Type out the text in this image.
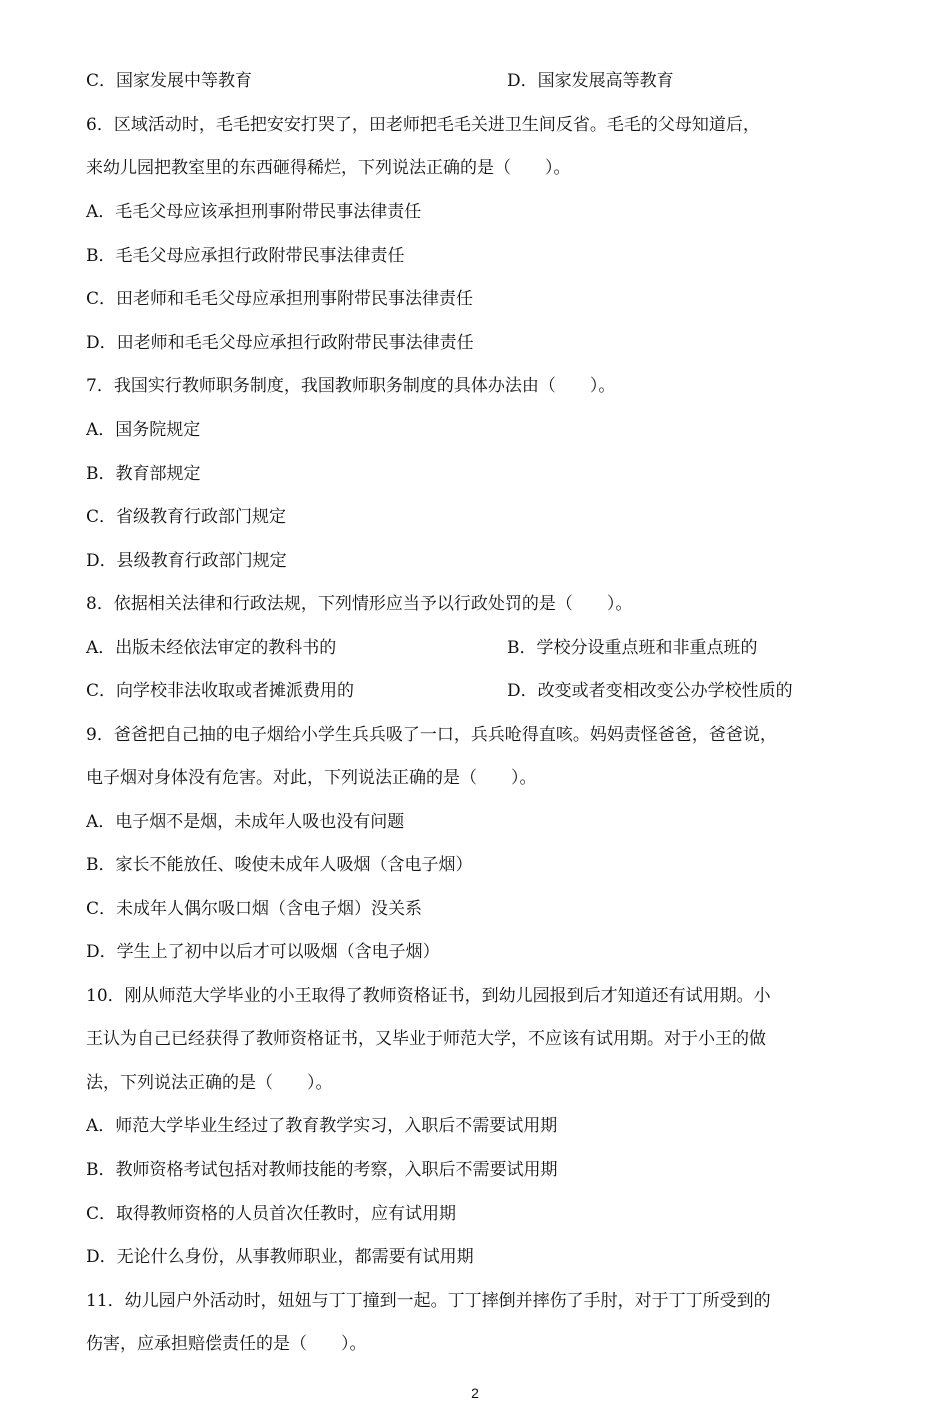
C．国家发展中等教育	D．国家发展高等教育
6．区域活动时，毛毛把安安打哭了，田老师把毛毛关进卫生间反省。毛毛的父母知道后，
来幼儿园把教室里的东西砸得稀烂，下列说法正确的是（　　）。
A．毛毛父母应该承担刑事附带民事法律责任
B．毛毛父母应承担行政附带民事法律责任
C．田老师和毛毛父母应承担刑事附带民事法律责任
D．田老师和毛毛父母应承担行政附带民事法律责任
7．我国实行教师职务制度，我国教师职务制度的具体办法由（　　）。
A．国务院规定
B．教育部规定
C．省级教育行政部门规定
D．县级教育行政部门规定
8．依据相关法律和行政法规，下列情形应当予以行政处罚的是（　　）。
A．出版未经依法审定的教科书的	B．学校分设重点班和非重点班的
C．向学校非法收取或者摊派费用的	D．改变或者变相改变公办学校性质的
9．爸爸把自己抽的电子烟给小学生兵兵吸了一口，兵兵呛得直咳。妈妈责怪爸爸，爸爸说，
电子烟对身体没有危害。对此，下列说法正确的是（　　）。
A．电子烟不是烟，未成年人吸也没有问题
B．家长不能放任、唆使未成年人吸烟（含电子烟）
C．未成年人偶尔吸口烟（含电子烟）没关系
D．学生上了初中以后才可以吸烟（含电子烟）
10．刚从师范大学毕业的小王取得了教师资格证书，到幼儿园报到后才知道还有试用期。小
王认为自己已经获得了教师资格证书，又毕业于师范大学，不应该有试用期。对于小王的做
法，下列说法正确的是（　　）。
A．师范大学毕业生经过了教育教学实习，入职后不需要试用期
B．教师资格考试包括对教师技能的考察，入职后不需要试用期
C．取得教师资格的人员首次任教时，应有试用期
D．无论什么身份，从事教师职业，都需要有试用期
11．幼儿园户外活动时，妞妞与丁丁撞到一起。丁丁摔倒并摔伤了手肘，对于丁丁所受到的
伤害，应承担赔偿责任的是（　　）。
2
